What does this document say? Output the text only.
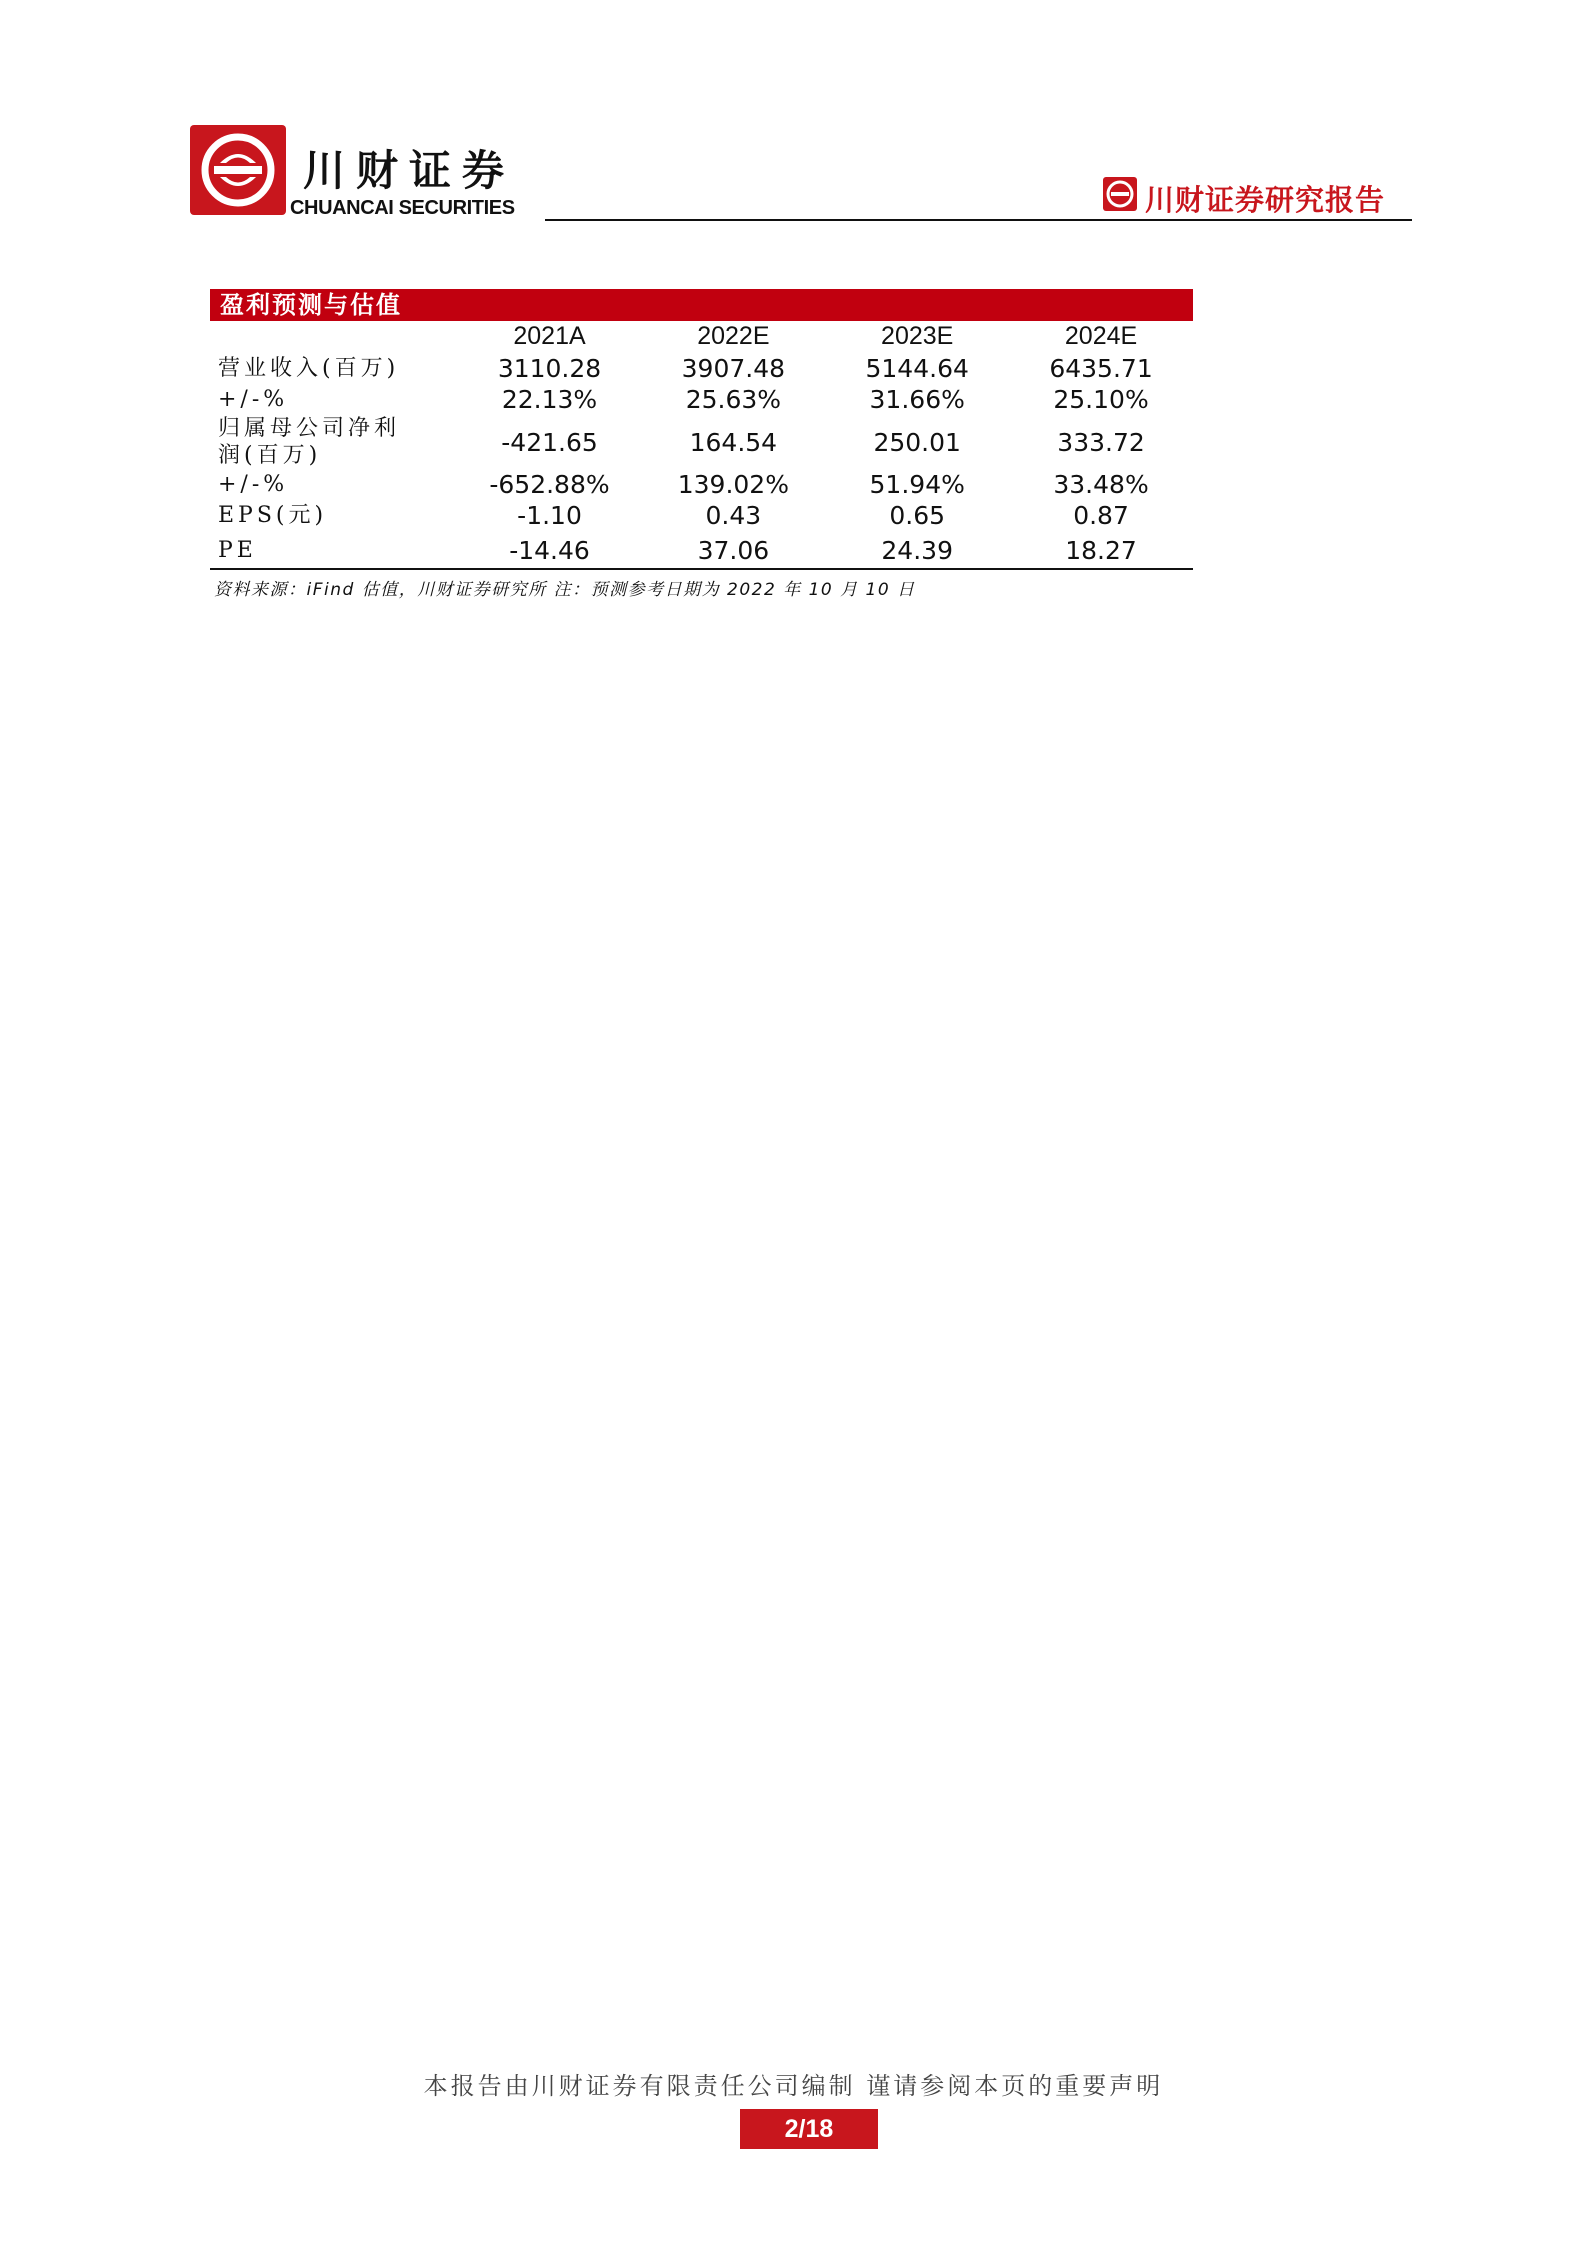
川财证券
CHUANCAI SECURITIES	川财证券研究报告
盈利预测与估值
2021A	2022E	2023E	2024E
营业收入(百万)	3110.28	3907.48	5144.64	6435.71
+/-%	22.13%	25.63%	31.66%	25.10%
归属母公司净利
润(百万)	-421.65	164.54	250.01	333.72
+/-%	-652.88%	139.02%	51.94%	33.48%
EPS(元)	-1.10	0.43	0.65	0.87
PE	-14.46	37.06	24.39	18.27
资料来源：iFind 估值，川财证券研究所 注：预测参考日期为 2022 年 10 月 10 日
本报告由川财证券有限责任公司编制 谨请参阅本页的重要声明
2/18
